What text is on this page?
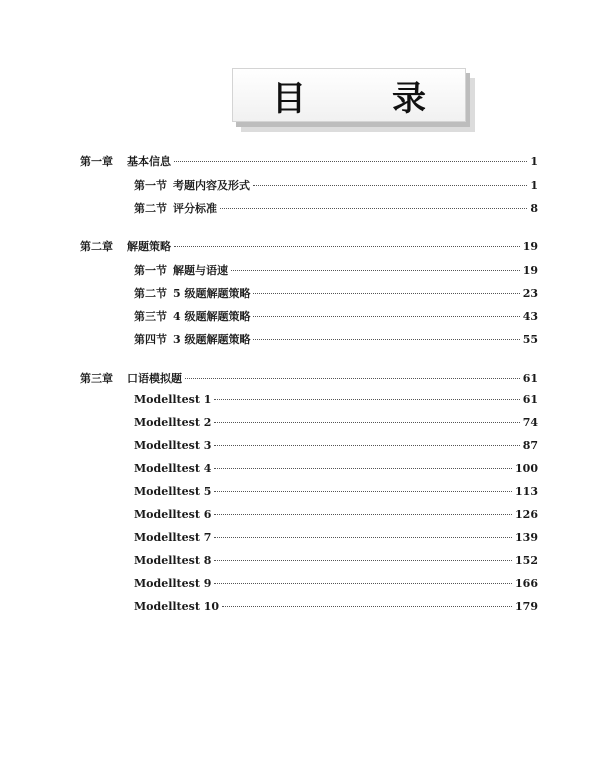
目　录
第一章 基本信息	1
第一节 考题内容及形式	1
第二节 评分标准	8
第二章 解题策略	19
第一节 解题与语速	19
第二节 5 级题解题策略	23
第三节 4 级题解题策略	43
第四节 3 级题解题策略	55
第三章 口语模拟题	61
Modelltest 1	61
Modelltest 2	74
Modelltest 3	87
Modelltest 4	100
Modelltest 5	113
Modelltest 6	126
Modelltest 7	139
Modelltest 8	152
Modelltest 9	166
Modelltest 10	179
